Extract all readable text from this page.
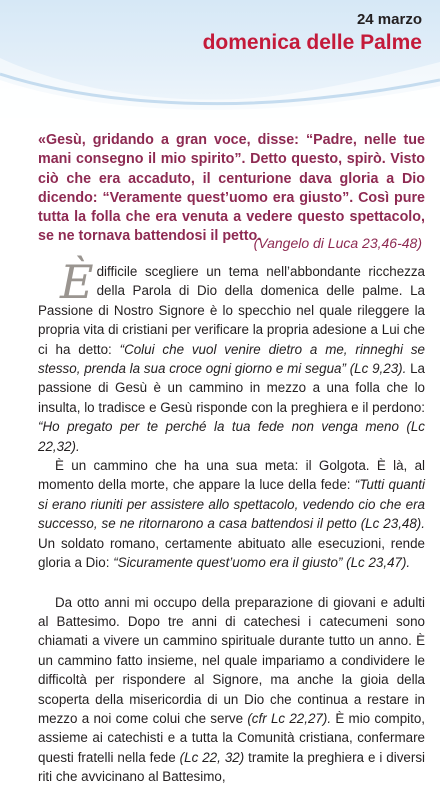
24 marzo
domenica delle Palme

«Gesù, gridando a gran voce, disse: “Padre, nelle tue mani consegno il mio spirito”. Detto questo, spirò. Visto ciò che era accaduto, il centurione dava gloria a Dio dicendo: “Veramente quest’uomo era giusto”. Così pure tutta la folla che era venuta a vedere questo spettacolo, se ne tornava battendosi il petto.

(Vangelo di Luca 23,46-48)

Èdifficile scegliere un tema nell’abbondante ricchezza della Parola di Dio della domenica delle palme. La Passione di Nostro Signore è lo specchio nel quale rileggere la propria vita di cristiani per verificare la propria adesione a Lui che ci ha detto: “Colui che vuol venire dietro a me, rinneghi se stesso, prenda la sua croce ogni giorno e mi segua” (Lc 9,23). La passione di Gesù è un cammino in mezzo a una folla che lo insulta, lo tradisce e Gesù risponde con la preghiera e il perdono: “Ho pregato per te perché la tua fede non venga meno (Lc 22,32).

È un cammino che ha una sua meta: il Golgota. È là, al momento della morte, che appare la luce della fede: “Tutti quanti si erano riuniti per assistere allo spettacolo, vedendo cio che era successo, se ne ritornarono a casa battendosi il petto (Lc 23,48). Un soldato romano, certamente abituato alle esecuzioni, rende gloria a Dio: “Sicuramente quest’uomo era il giusto” (Lc 23,47).

Da otto anni mi occupo della preparazione di giovani e adulti al Battesimo. Dopo tre anni di catechesi i catecumeni sono chiamati a vivere un cammino spirituale durante tutto un anno. È un cammino fatto insieme, nel quale impariamo a condividere le difficoltà per rispondere al Signore, ma anche la gioia della scoperta della misericordia di un Dio che continua a restare in mezzo a noi come colui che serve (cfr Lc 22,27). È mio compito, assieme ai catechisti e a tutta la Comunità cristiana, confermare questi fratelli nella fede (Lc 22, 32) tramite la preghiera e i diversi riti che avvicinano al Battesimo,
